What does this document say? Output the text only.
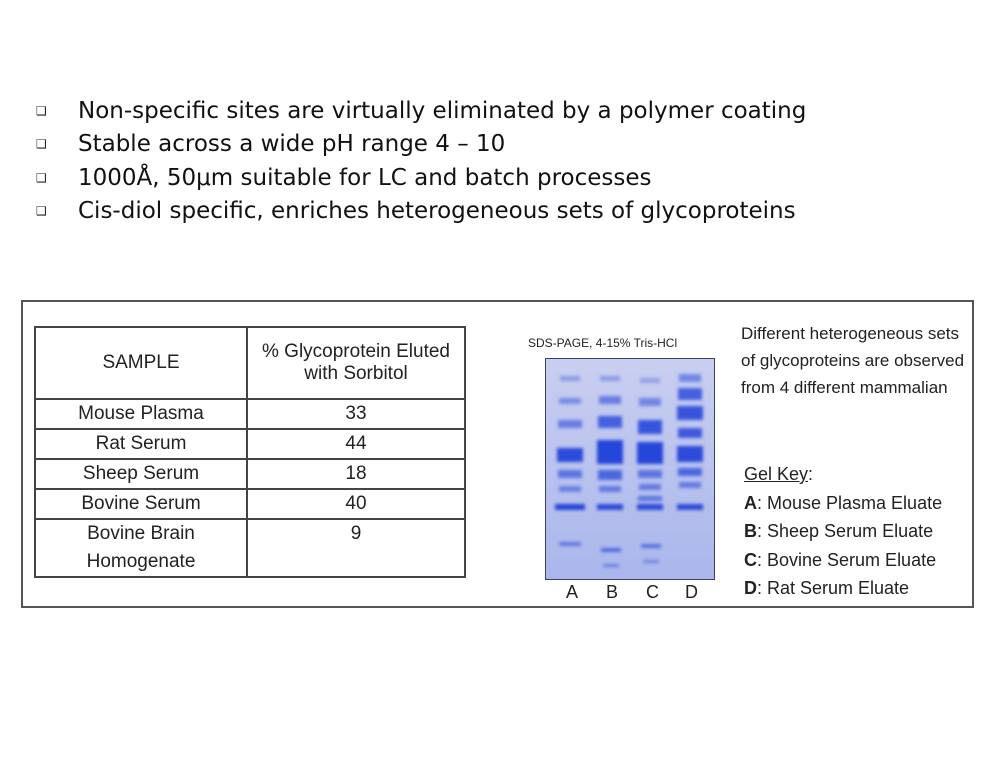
❑	Non-specific sites are virtually eliminated by a polymer coating
❑	Stable across a wide pH range 4 – 10
❑	1000Å, 50μm suitable for LC and batch processes
❑	Cis-diol specific, enriches heterogeneous sets of glycoproteins
SAMPLE	% Glycoprotein Eluted with Sorbitol
Mouse Plasma	33
Rat Serum	44
Sheep Serum	18
Bovine Serum	40
Bovine Brain Homogenate	9
SDS-PAGE, 4-15% Tris-HCl
A B C D
Different heterogeneous sets of glycoproteins are observed from 4 different mammalian
Gel Key:
A: Mouse Plasma Eluate
B: Sheep Serum Eluate
C: Bovine Serum Eluate
D: Rat Serum Eluate
